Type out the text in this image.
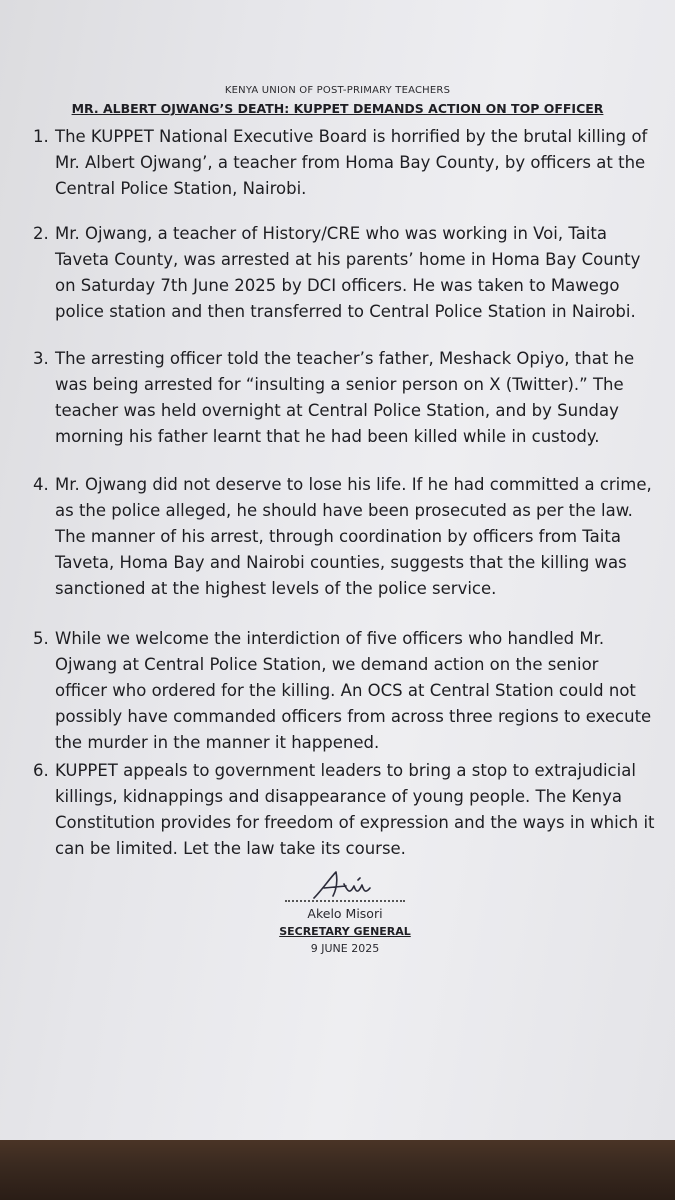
KENYA UNION OF POST-PRIMARY TEACHERS
MR. ALBERT OJWANG’S DEATH: KUPPET DEMANDS ACTION ON TOP OFFICER
1. The KUPPET National Executive Board is horrified by the brutal killing of Mr. Albert Ojwang’, a teacher from Homa Bay County, by officers at the Central Police Station, Nairobi.
2. Mr. Ojwang, a teacher of History/CRE who was working in Voi, Taita Taveta County, was arrested at his parents’ home in Homa Bay County on Saturday 7th June 2025 by DCI officers. He was taken to Mawego police station and then transferred to Central Police Station in Nairobi.
3. The arresting officer told the teacher’s father, Meshack Opiyo, that he was being arrested for “insulting a senior person on X (Twitter).” The teacher was held overnight at Central Police Station, and by Sunday morning his father learnt that he had been killed while in custody.
4. Mr. Ojwang did not deserve to lose his life. If he had committed a crime, as the police alleged, he should have been prosecuted as per the law. The manner of his arrest, through coordination by officers from Taita Taveta, Homa Bay and Nairobi counties, suggests that the killing was sanctioned at the highest levels of the police service.
5. While we welcome the interdiction of five officers who handled Mr. Ojwang at Central Police Station, we demand action on the senior officer who ordered for the killing. An OCS at Central Station could not possibly have commanded officers from across three regions to execute the murder in the manner it happened.
6. KUPPET appeals to government leaders to bring a stop to extrajudicial killings, kidnappings and disappearance of young people. The Kenya Constitution provides for freedom of expression and the ways in which it can be limited. Let the law take its course.
Akelo Misori
SECRETARY GENERAL
9 JUNE 2025
